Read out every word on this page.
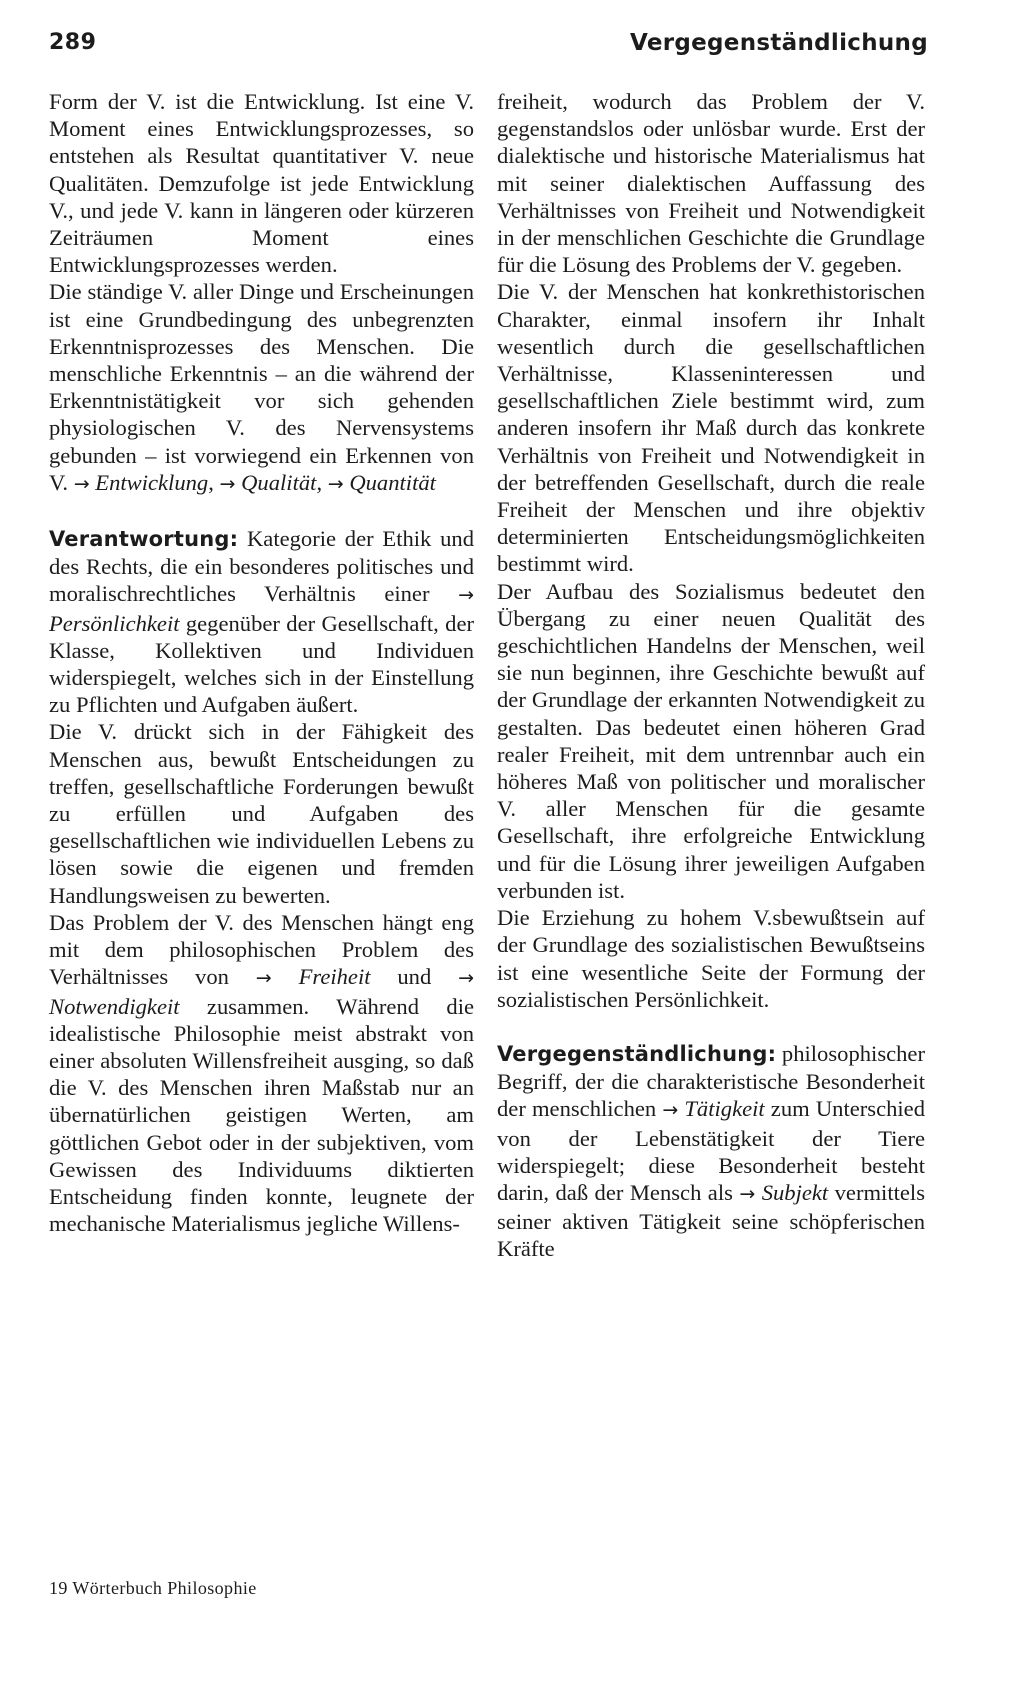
289	Vergegenständlichung

Form der V. ist die Entwicklung. Ist eine V. Moment eines Entwicklungsprozesses, so entstehen als Resultat quantitativer V. neue Qualitäten. Demzufolge ist jede Entwicklung V., und jede V. kann in längeren oder kürzeren Zeiträumen Moment eines Entwicklungsprozesses werden.

Die ständige V. aller Dinge und Erscheinungen ist eine Grundbedingung des unbegrenzten Erkenntnisprozesses des Menschen. Die menschliche Erkenntnis – an die während der Erkenntnistätigkeit vor sich gehenden physiologischen V. des Nervensystems gebunden – ist vorwiegend ein Erkennen von V. → Entwicklung, → Qualität, → Quantität

Verantwortung: Kategorie der Ethik und des Rechts, die ein besonderes politisches und moralischrechtliches Verhältnis einer → Persönlichkeit gegenüber der Gesellschaft, der Klasse, Kollektiven und Individuen widerspiegelt, welches sich in der Einstellung zu Pflichten und Aufgaben äußert.

Die V. drückt sich in der Fähigkeit des Menschen aus, bewußt Entscheidungen zu treffen, gesellschaftliche Forderungen bewußt zu erfüllen und Aufgaben des gesellschaftlichen wie individuellen Lebens zu lösen sowie die eigenen und fremden Handlungsweisen zu bewerten.

Das Problem der V. des Menschen hängt eng mit dem philosophischen Problem des Verhältnisses von → Freiheit und → Notwendigkeit zusammen. Während die idealistische Philosophie meist abstrakt von einer absoluten Willensfreiheit ausging, so daß die V. des Menschen ihren Maßstab nur an übernatürlichen geistigen Werten, am göttlichen Gebot oder in der subjektiven, vom Gewissen des Individuums diktierten Entscheidung finden konnte, leugnete der mechanische Materialismus jegliche Willens-

freiheit, wodurch das Problem der V. gegenstandslos oder unlösbar wurde. Erst der dialektische und historische Materialismus hat mit seiner dialektischen Auffassung des Verhältnisses von Freiheit und Notwendigkeit in der menschlichen Geschichte die Grundlage für die Lösung des Problems der V. gegeben.

Die V. der Menschen hat konkrethistorischen Charakter, einmal insofern ihr Inhalt wesentlich durch die gesellschaftlichen Verhältnisse, Klasseninteressen und gesellschaftlichen Ziele bestimmt wird, zum anderen insofern ihr Maß durch das konkrete Verhältnis von Freiheit und Notwendigkeit in der betreffenden Gesellschaft, durch die reale Freiheit der Menschen und ihre objektiv determinierten Entscheidungsmöglichkeiten bestimmt wird.

Der Aufbau des Sozialismus bedeutet den Übergang zu einer neuen Qualität des geschichtlichen Handelns der Menschen, weil sie nun beginnen, ihre Geschichte bewußt auf der Grundlage der erkannten Notwendigkeit zu gestalten. Das bedeutet einen höheren Grad realer Freiheit, mit dem untrennbar auch ein höheres Maß von politischer und moralischer V. aller Menschen für die gesamte Gesellschaft, ihre erfolgreiche Entwicklung und für die Lösung ihrer jeweiligen Aufgaben verbunden ist.

Die Erziehung zu hohem V.sbewußtsein auf der Grundlage des sozialistischen Bewußtseins ist eine wesentliche Seite der Formung der sozialistischen Persönlichkeit.

Vergegenständlichung: philosophischer Begriff, der die charakteristische Besonderheit der menschlichen → Tätigkeit zum Unterschied von der Lebenstätigkeit der Tiere widerspiegelt; diese Besonderheit besteht darin, daß der Mensch als → Subjekt vermittels seiner aktiven Tätigkeit seine schöpferischen Kräfte

19 Wörterbuch Philosophie
